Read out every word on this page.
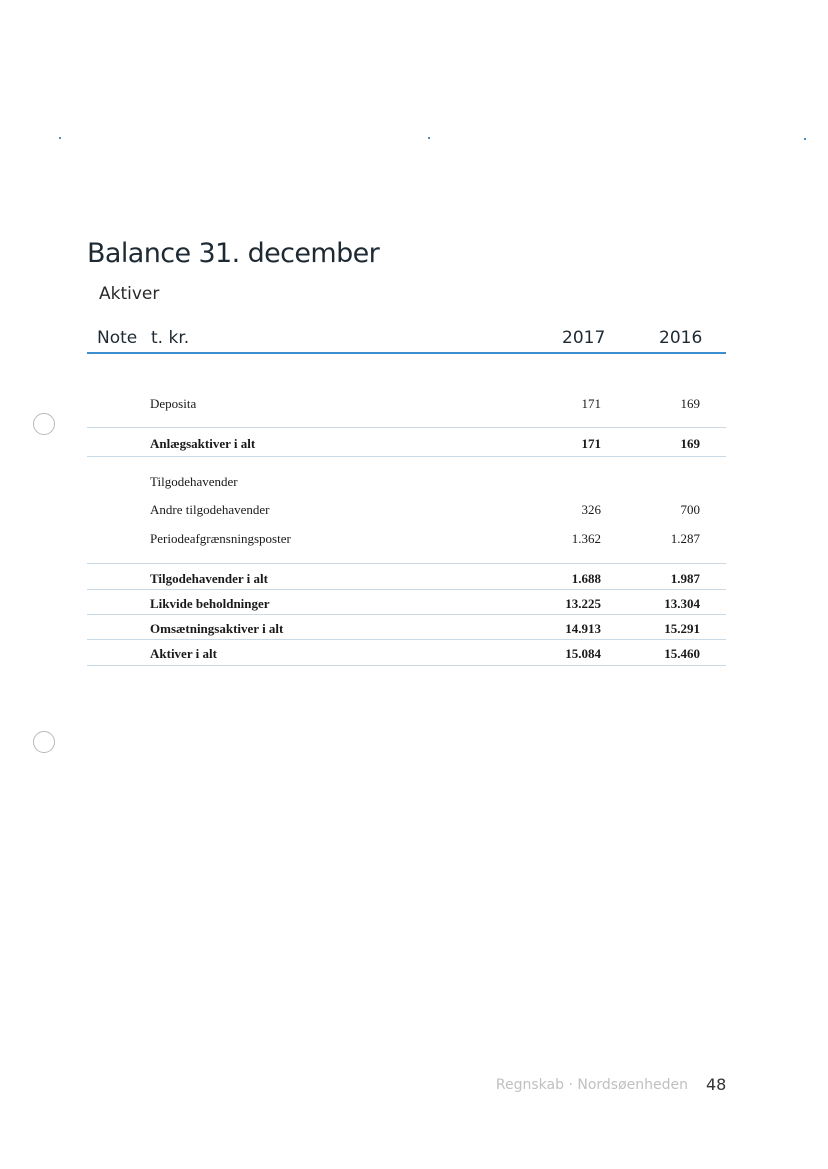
Balance 31. december
Aktiver
Note t. kr.	2017	2016
Deposita	171	169
Anlægsaktiver i alt	171	169
Tilgodehavender
Andre tilgodehavender	326	700
Periodeafgrænsningsposter	1.362	1.287
Tilgodehavender i alt	1.688	1.987
Likvide beholdninger	13.225	13.304
Omsætningsaktiver i alt	14.913	15.291
Aktiver i alt	15.084	15.460
Regnskab · Nordsøenheden 48
